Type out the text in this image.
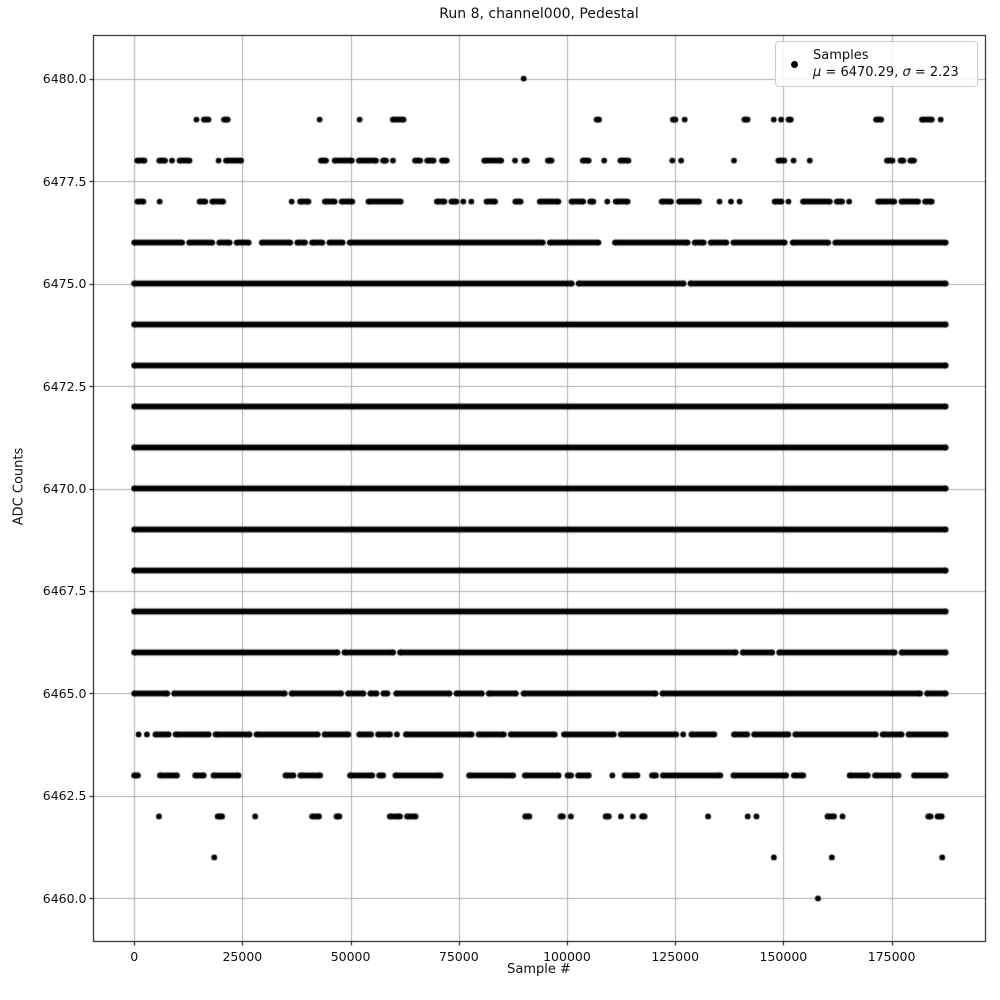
Run 8, channel000, Pedestal
Sample #
ADC Counts
0	25000	50000	75000	100000	125000	150000	175000
6460.0
6462.5
6465.0
6467.5
6470.0
6472.5
6475.0
6477.5
6480.0
Samples
μ = 6470.29, σ = 2.23
